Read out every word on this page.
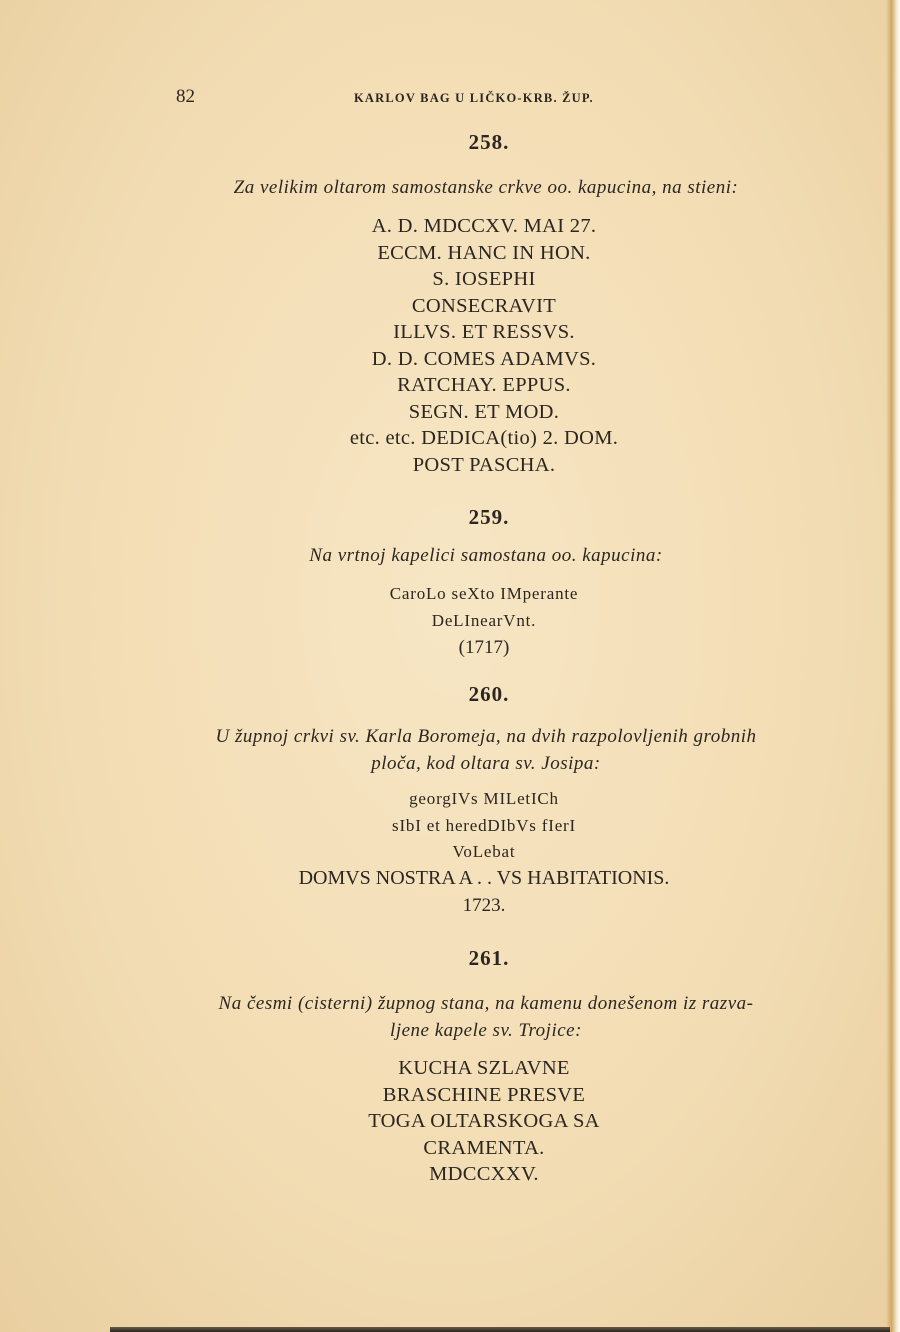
82	KARLOV BAG U LIČKO-KRB. ŽUP.
258.
Za velikim oltarom samostanske crkve oo. kapucina, na stieni:
A. D. MDCCXV. MAI 27.
ECCM. HANC IN HON.
S. IOSEPHI
CONSECRAVIT
ILLVS. ET RESSVS.
D. D. COMES ADAMVS.
RATCHAY. EPPUS.
SEGN. ET MOD.
etc. etc. DEDICA(tio) 2. DOM.
POST PASCHA.
259.
Na vrtnoj kapelici samostana oo. kapucina:
CaroLo seXto IMperante
DeLInearVnt.
(1717)
260.
U župnoj crkvi sv. Karla Boromeja, na dvih razpolovljenih grobnih
ploča, kod oltara sv. Josipa:
georgIVs MILetICh
sIbI et heredDIbVs fIerI
VoLebat
DOMVS NOSTRA A . . VS HABITATIONIS.
1723.
261.
Na česmi (cisterni) župnog stana, na kamenu donešenom iz razva-
ljene kapele sv. Trojice:
KUCHA SZLAVNE
BRASCHINE PRESVE
TOGA OLTARSKOGA SA
CRAMENTA.
MDCCXXV.
